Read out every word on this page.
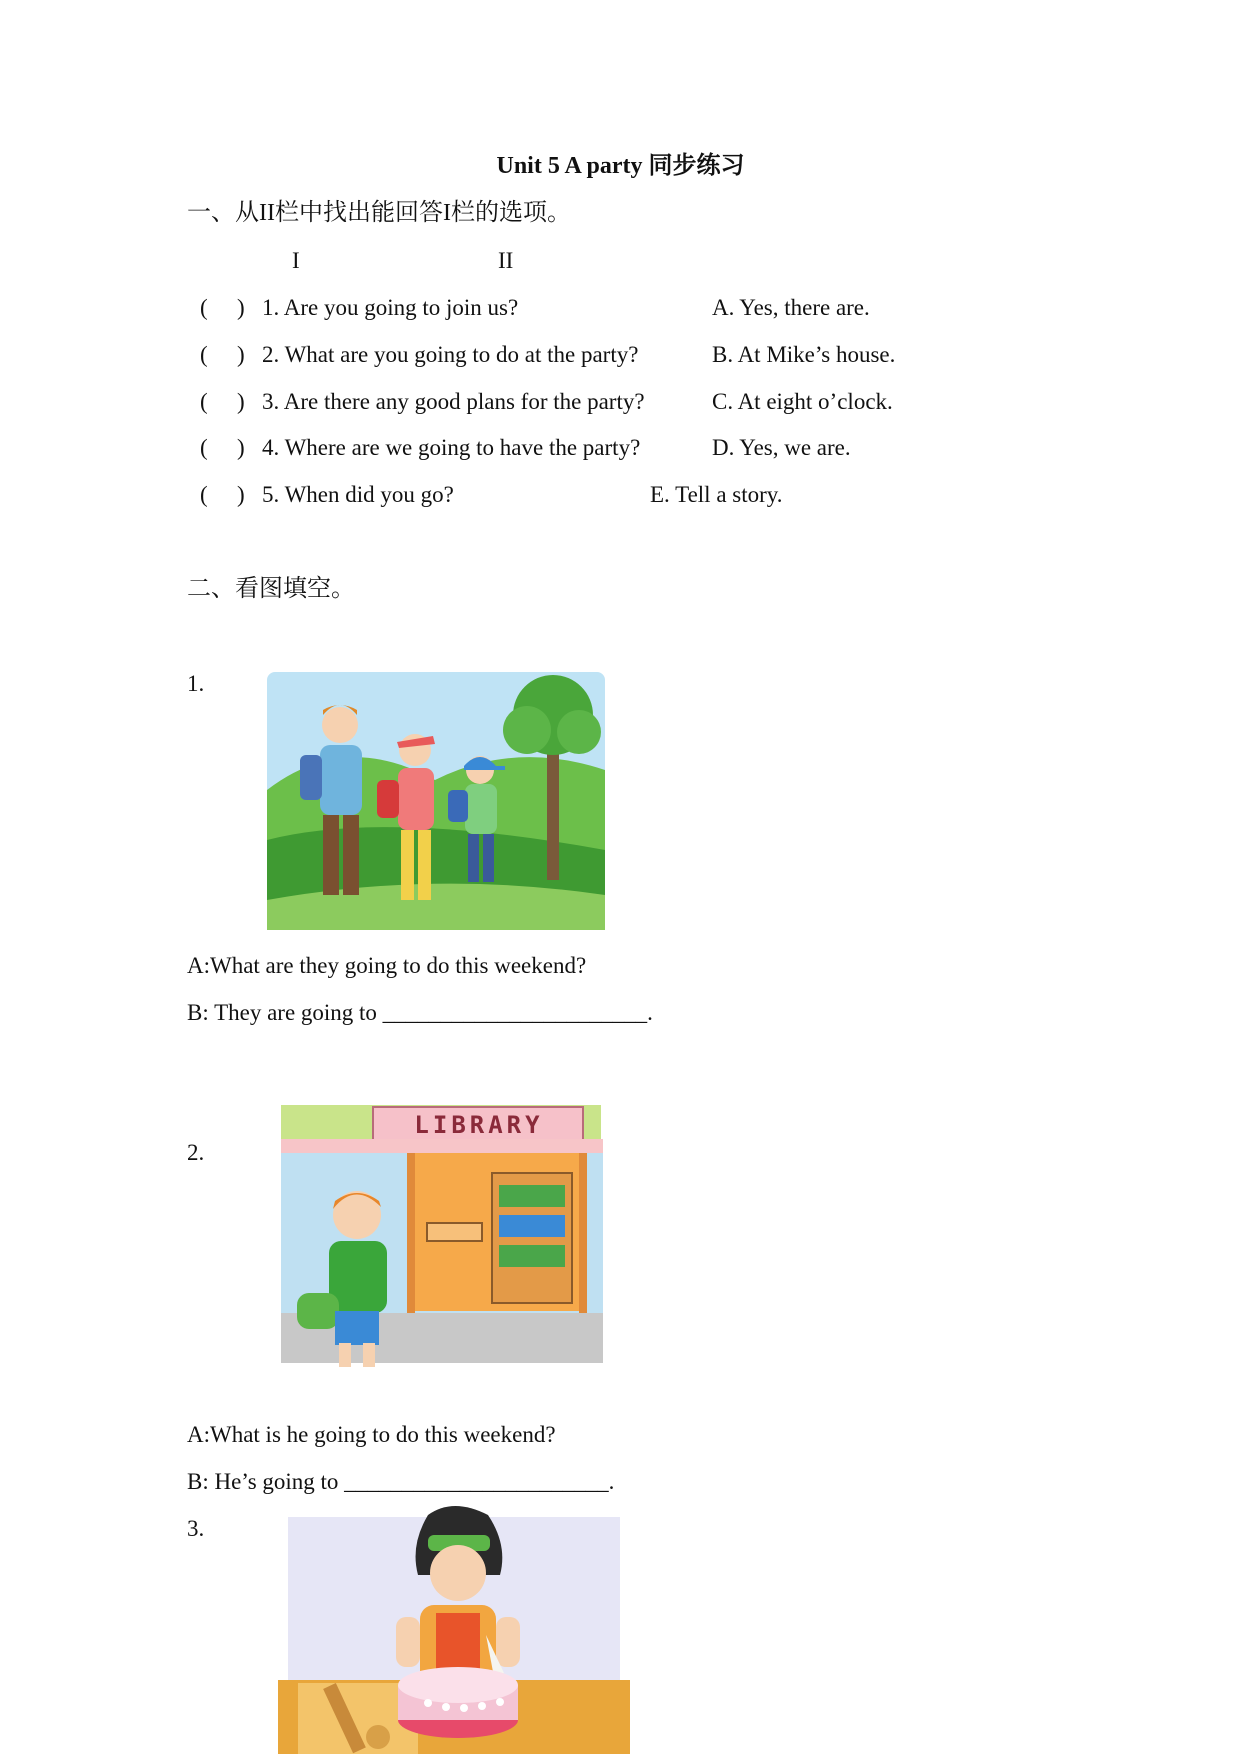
Unit 5 A party 同步练习
一、从II栏中找出能回答I栏的选项。
I	II
( ) 1. Are you going to join us?	A. Yes, there are.
( ) 2. What are you going to do at the party?	B. At Mike’s house.
( ) 3. Are there any good plans for the party?	C. At eight o’clock.
( ) 4. Where are we going to have the party?	D. Yes, we are.
( ) 5. When did you go?	E. Tell a story.
二、看图填空。
1.
A:What are they going to do this weekend?
B: They are going to _______________________.
2.
LIBRARY
A:What is he going to do this weekend?
B: He’s going to _______________________.
3.
